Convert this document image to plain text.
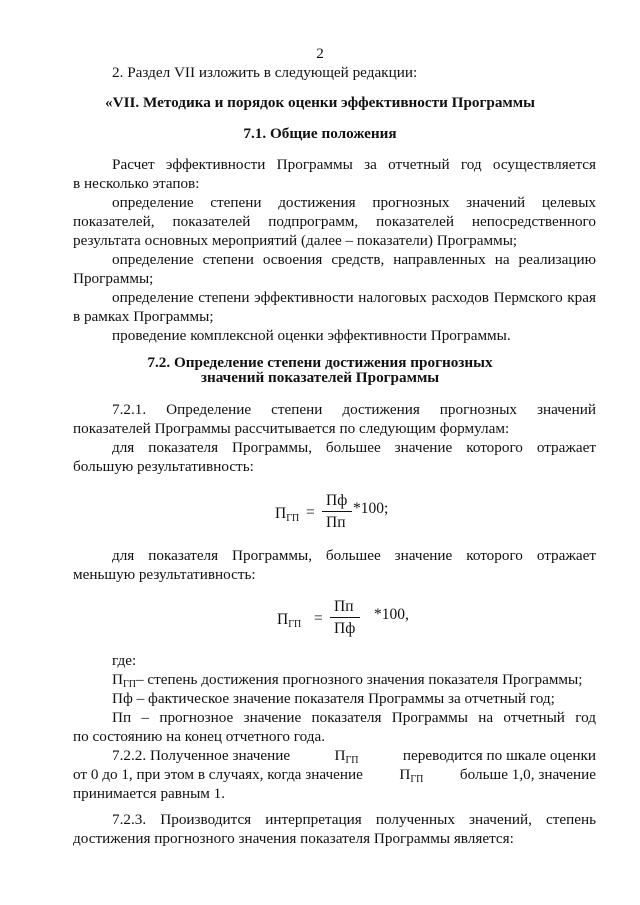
2
2. Раздел VII изложить в следующей редакции:
«VII. Методика и порядок оценки эффективности Программы
7.1. Общие положения
Расчет эффективности Программы за отчетный год осуществляется
в несколько этапов:
определение степени достижения прогнозных значений целевых
показателей, показателей подпрограмм, показателей непосредственного
результата основных мероприятий (далее – показатели) Программы;
определение степени освоения средств, направленных на реализацию
Программы;
определение степени эффективности налоговых расходов Пермского края
в рамках Программы;
проведение комплексной оценки эффективности Программы.
7.2. Определение степени достижения прогнозных
значений показателей Программы
7.2.1. Определение степени достижения прогнозных значений
показателей Программы рассчитывается по следующим формулам:
для показателя Программы, большее значение которого отражает
большую результативность:
$П_{ГП}$ =
Пф
Пп
*100;
для показателя Программы, большее значение которого отражает
меньшую результативность:
$П_{ГП}$ =
Пп
Пф
*100,
где:
$П_{ГП}-$ степень достижения прогнозного значения показателя Программы;
Пф – фактическое значение показателя Программы за отчетный год;
Пп – прогнозное значение показателя Программы на отчетный год
по состоянию на конец отчетного года.
7.2.2. Полученное значение	$П_{ГП}$	переводится по шкале оценки
от 0 до 1, при этом в случаях, когда значение $П_{ГП}$ больше 1,0, значение
принимается равным 1.
7.2.3. Производится интерпретация полученных значений, степень
достижения прогнозного значения показателя Программы является:
